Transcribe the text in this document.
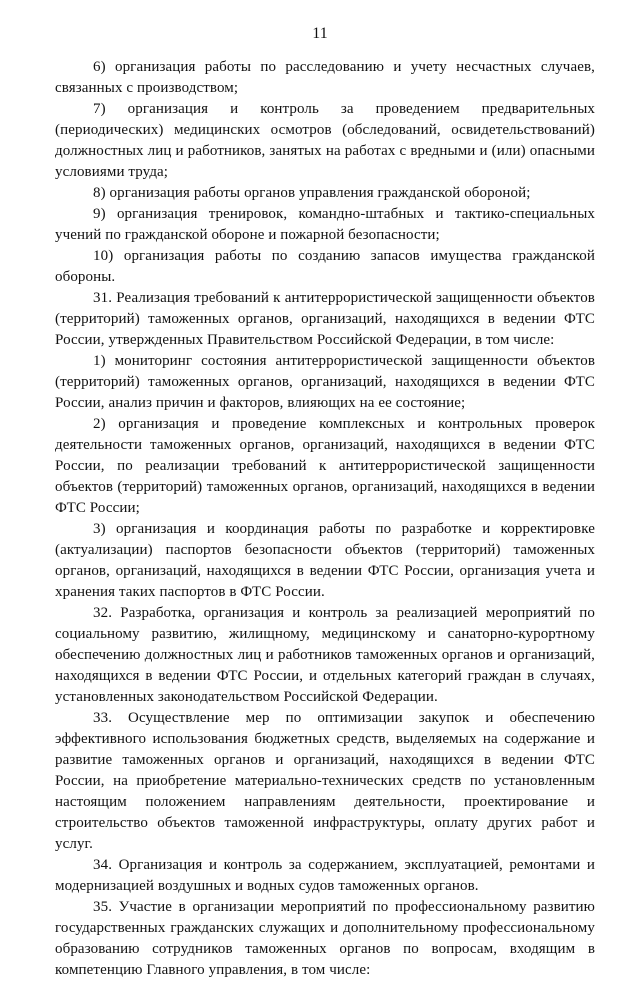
11

6) организация работы по расследованию и учету несчастных случаев, связанных с производством;

7) организация и контроль за проведением предварительных (периодических) медицинских осмотров (обследований, освидетельствований) должностных лиц и работников, занятых на работах с вредными и (или) опасными условиями труда;

8) организация работы органов управления гражданской обороной;

9) организация тренировок, командно-штабных и тактико-специальных учений по гражданской обороне и пожарной безопасности;

10) организация работы по созданию запасов имущества гражданской обороны.

31. Реализация требований к антитеррористической защищенности объектов (территорий) таможенных органов, организаций, находящихся в ведении ФТС России, утвержденных Правительством Российской Федерации, в том числе:

1) мониторинг состояния антитеррористической защищенности объектов (территорий) таможенных органов, организаций, находящихся в ведении ФТС России, анализ причин и факторов, влияющих на ее состояние;

2) организация и проведение комплексных и контрольных проверок деятельности таможенных органов, организаций, находящихся в ведении ФТС России, по реализации требований к антитеррористической защищенности объектов (территорий) таможенных органов, организаций, находящихся в ведении ФТС России;

3) организация и координация работы по разработке и корректировке (актуализации) паспортов безопасности объектов (территорий) таможенных органов, организаций, находящихся в ведении ФТС России, организация учета и хранения таких паспортов в ФТС России.

32. Разработка, организация и контроль за реализацией мероприятий по социальному развитию, жилищному, медицинскому и санаторно-курортному обеспечению должностных лиц и работников таможенных органов и организаций, находящихся в ведении ФТС России, и отдельных категорий граждан в случаях, установленных законодательством Российской Федерации.

33. Осуществление мер по оптимизации закупок и обеспечению эффективного использования бюджетных средств, выделяемых на содержание и развитие таможенных органов и организаций, находящихся в ведении ФТС России, на приобретение материально-технических средств по установленным настоящим положением направлениям деятельности, проектирование и строительство объектов таможенной инфраструктуры, оплату других работ и услуг.

34. Организация и контроль за содержанием, эксплуатацией, ремонтами и модернизацией воздушных и водных судов таможенных органов.

35. Участие в организации мероприятий по профессиональному развитию государственных гражданских служащих и дополнительному профессиональному образованию сотрудников таможенных органов по вопросам, входящим в компетенцию Главного управления, в том числе:
